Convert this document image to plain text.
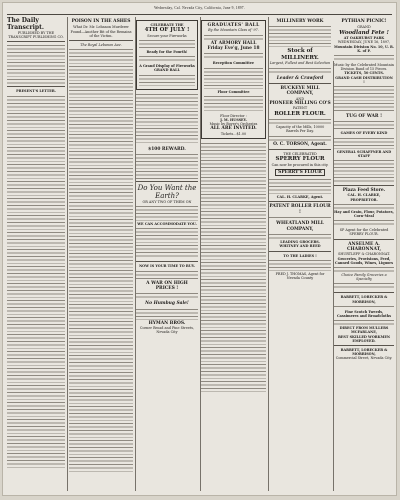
Wednesday, Cal. Nevada City, California, June 9, 1897.
The Daily Transcript.
PUBLISHED BY THE TRANSCRIPT PUBLISHING CO.
PRESENT'S LETTER.
POISON IN THE ASHES
What Dr. Mr. Lebanon Murderer Found—Another Bit of the Remains of the Victim.
The Royal Lebanon Ave.
CELEBRATE THE
4TH OF JULY !
Secure your Fireworks
Ready for the Fourth!
A Grand Display of Fireworks
GRAND BALL
$100 REWARD.
Do You Want the Earth?
OR ANY TWO OF THEM ON
WE CAN ACCOMMODATE YOU.
NOW IS YOUR TIME TO BUY.
A WAR ON HIGH PRICES !
No Humbug Sale!
HYMAN BROS.
Corner Broad and Pine Streets, Nevada City
GRADUATES' BALL
By the Mountain Class of '97.
AT ARMORY HALL
Friday Eve'g, June 18
Reception Committee
Floor Committee
Floor Director :
J. M. HUSSEY.
Music by Boyer's Orchestra
ALL ARE INVITED.
Tickets...$1.00
MILLINERY WORK
Stock of MILLINERY.
Largest, Fullest and Best Selection
Leader & Crawford
BUCKEYE MILL COMPANY,
AND
PIONEER MILLING CO'S
PATENT
ROLLER FLOUR.
Capacity of the Mills, 10000 Barrels Per Day.
O. C. TORSON, Agent.
THE CELEBRATED
SPERRY FLOUR
Can now be procured in this city.
SPERRY'S FLOUR
CAL. H. CLARKE, Agent.
PATENT ROLLER FLOUR !
WHEATLAND MILL COMPANY,
LEADING GROCERS.
WHITNEY AND REED
TO THE LADIES !
FRED J. THOMAS, Agent for Nevada County
PYTHIAN PICNIC!
GRAND
Woodland Fete !
AT OAKHURST PARK
WEDNESDAY, JUNE 16, 1897,
Mountain Division No. 10, U. R. K. of P.
Music by the Celebrated Mountain Division Band of 15 Pieces.
TICKETS, 50 CENTS.
GRAND CASH DISTRIBUTION !
TUG OF WAR !
GAMES OF EVERY KIND
GENERAL SCHAFFNER AND STAFF
Plaza Feed Store.
CAL. H. CLARKE, PROPRIETOR.
Hay and Grain, Flour, Potatoes, Corn-Meal
SP Agent for the Celebrated SPERRY FLOUR.
ANSELME A. CHARONNAT,
SHURTLEFF & CHARONNAT.
Groceries, Provisions, Feed, Canned Goods, Wines, Liquors
Choice Family Groceries a Specialty
BARRETT, LOBECKER & MORRISON,
Fine Scotch Tweeds, Cassimeres and Broadcloths
DIRECT FROM MULLERS MCFARLANE,
BEST SKILLED WORKMEN EMPLOYED.
BARRETT, LOBECKER & MORRISON,
Commercial Street, Nevada City.
